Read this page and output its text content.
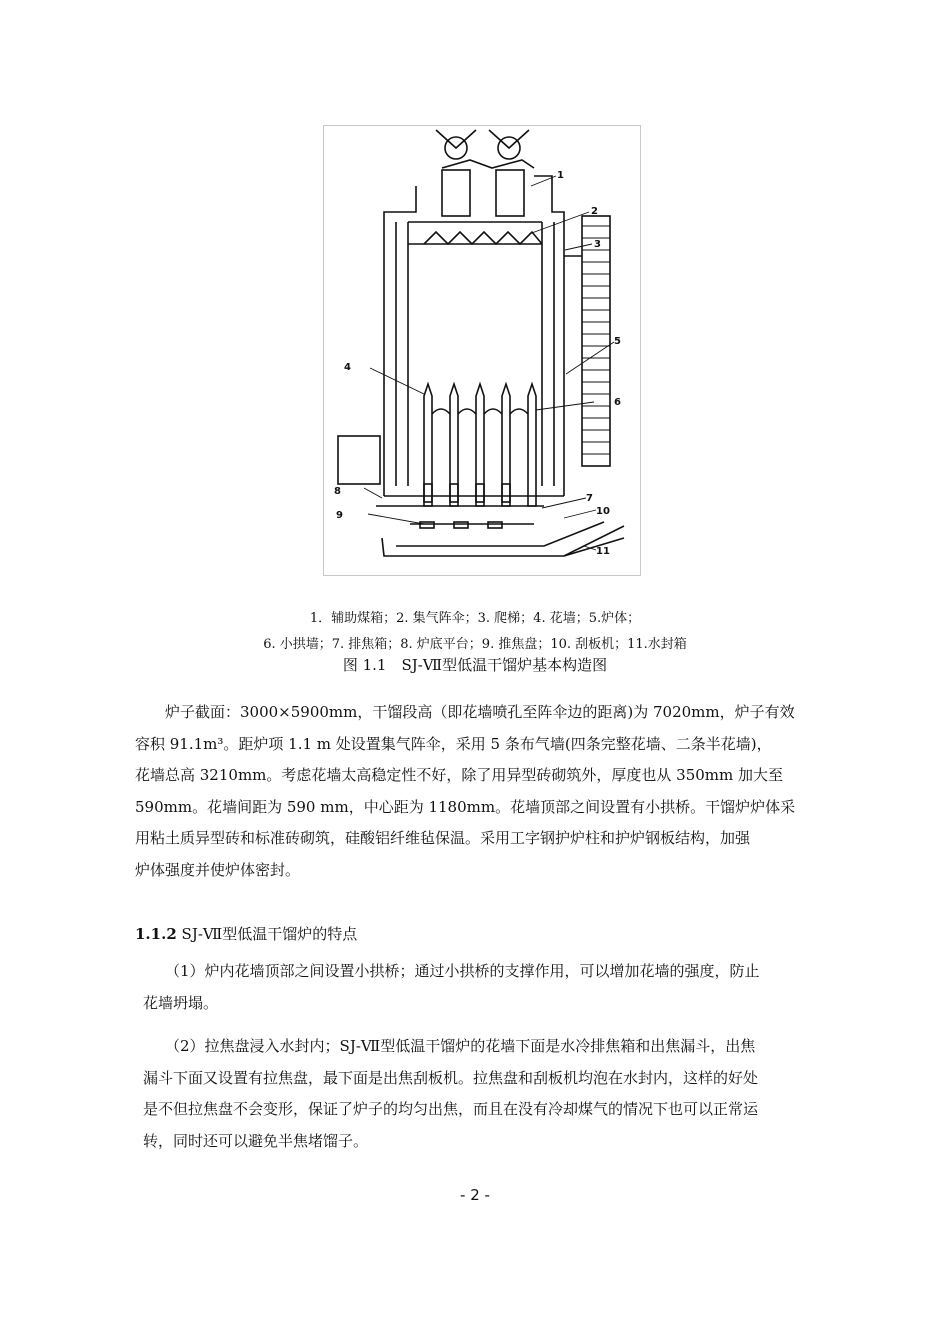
1
2
3
4
5
6
7
8
9	10
11
1．辅助煤箱；2. 集气阵伞；3. 爬梯；4. 花墙；5.炉体；
6. 小拱墙；7. 排焦箱；8. 炉底平台；9. 推焦盘；10. 刮板机；11.水封箱
图 1.1　SJ-Ⅶ型低温干馏炉基本构造图
炉子截面：3000×5900mm，干馏段高（即花墙喷孔至阵伞边的距离)为 7020mm，炉子有效
容积 91.1m³。距炉项 1.1 m 处设置集气阵伞，采用 5 条布气墙(四条完整花墙、二条半花墙)，
花墙总高 3210mm。考虑花墙太高稳定性不好，除了用异型砖砌筑外，厚度也从 350mm 加大至
590mm。花墙间距为 590 mm，中心距为 1180mm。花墙顶部之间设置有小拱桥。干馏炉炉体采
用粘土质异型砖和标准砖砌筑，硅酸铝纤维毡保温。采用工字钢护炉柱和护炉钢板结构，加强
炉体强度并使炉体密封。
1.1.2 SJ-Ⅶ型低温干馏炉的特点
（1）炉内花墙顶部之间设置小拱桥；通过小拱桥的支撑作用，可以增加花墙的强度，防止
花墙坍塌。
（2）拉焦盘浸入水封内；SJ-Ⅶ型低温干馏炉的花墙下面是水冷排焦箱和出焦漏斗，出焦
漏斗下面又设置有拉焦盘，最下面是出焦刮板机。拉焦盘和刮板机均泡在水封内，这样的好处
是不但拉焦盘不会变形，保证了炉子的均匀出焦，而且在没有冷却煤气的情况下也可以正常运
转，同时还可以避免半焦堵馏子。
- 2 -
